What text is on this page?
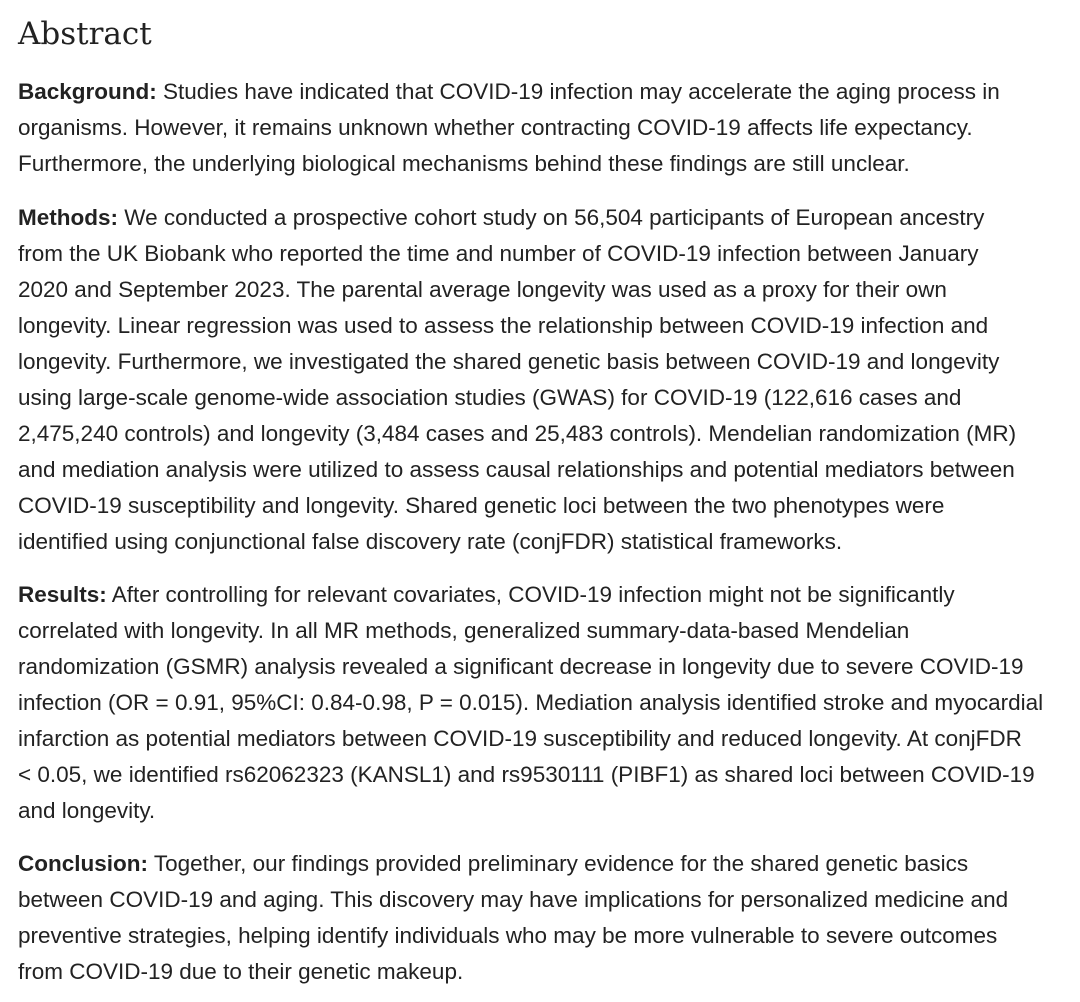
Abstract

Background: Studies have indicated that COVID-19 infection may accelerate the aging process in
organisms. However, it remains unknown whether contracting COVID-19 affects life expectancy.
Furthermore, the underlying biological mechanisms behind these findings are still unclear.

Methods: We conducted a prospective cohort study on 56,504 participants of European ancestry
from the UK Biobank who reported the time and number of COVID-19 infection between January
2020 and September 2023. The parental average longevity was used as a proxy for their own
longevity. Linear regression was used to assess the relationship between COVID-19 infection and
longevity. Furthermore, we investigated the shared genetic basis between COVID-19 and longevity
using large-scale genome-wide association studies (GWAS) for COVID-19 (122,616 cases and
2,475,240 controls) and longevity (3,484 cases and 25,483 controls). Mendelian randomization (MR)
and mediation analysis were utilized to assess causal relationships and potential mediators between
COVID-19 susceptibility and longevity. Shared genetic loci between the two phenotypes were
identified using conjunctional false discovery rate (conjFDR) statistical frameworks.

Results: After controlling for relevant covariates, COVID-19 infection might not be significantly
correlated with longevity. In all MR methods, generalized summary-data-based Mendelian
randomization (GSMR) analysis revealed a significant decrease in longevity due to severe COVID-19
infection (OR = 0.91, 95%CI: 0.84-0.98, P = 0.015). Mediation analysis identified stroke and myocardial
infarction as potential mediators between COVID-19 susceptibility and reduced longevity. At conjFDR
< 0.05, we identified rs62062323 (KANSL1) and rs9530111 (PIBF1) as shared loci between COVID-19
and longevity.

Conclusion: Together, our findings provided preliminary evidence for the shared genetic basics
between COVID-19 and aging. This discovery may have implications for personalized medicine and
preventive strategies, helping identify individuals who may be more vulnerable to severe outcomes
from COVID-19 due to their genetic makeup.
